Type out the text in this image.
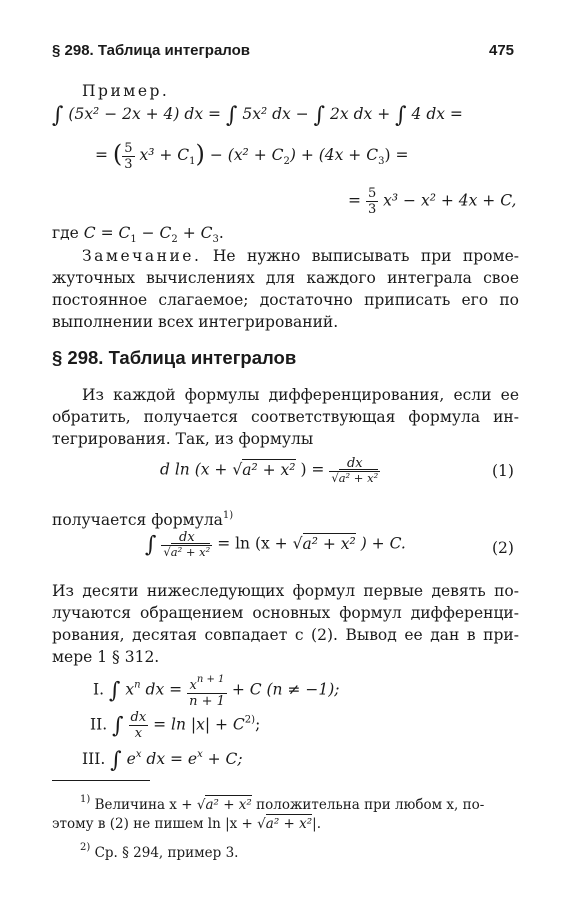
§ 298. Таблица интегралов	475
Пример.
∫ (5x² − 2x + 4) dx = ∫ 5x² dx − ∫ 2x dx + ∫ 4 dx =
= ( $\frac{5}{3} x^3 + C_1) - (x^2 + C_2) + (4x + C_3)$ =
= $\frac{5}{3} x^3 - x^2 + 4x + C$,
где $C = C_1 - C_2 + C_3$.
Замечание. Не нужно выписывать при проме-
жуточных вычислениях для каждого интеграла свое
постоянное слагаемое; достаточно приписать его по
выполнении всех интегрирований.
§ 298. Таблица интегралов
Из каждой формулы дифференцирования, если ее
обратить, получается соответствующая формула ин-
тегрирования. Так, из формулы
d ln (x + √a² + x² ) = $\frac{dx}{\text{√a² + x²}}$	(1)
получается формула$^{1)}$
∫ $\frac{dx}{\text{√a² + x²}} = \ln (x + √a^2 + x^2$ ) + C.	(2)
Из десяти нижеследующих формул первые девять по-
лучаются обращением основных формул дифференци-
рования, десятая совпадает с (2). Вывод ее дан в при-
мере 1 § 312.
I. ∫ $x^n$ dx = $\frac{x^{n + 1}}{n + 1} + C$ (n ≠ −1);
II. ∫ $\frac{dx}{x} = \ln |x| + C^{2)}$;
III. ∫ $e^x$ dx = $e^x + C$;
$^{1)}$ Величина x + √a² + x² положительна при любом x, по-
этому в (2) не пишем ln |x + √a² + x²|.
$^{2)}$ Ср. § 294, пример 3.
